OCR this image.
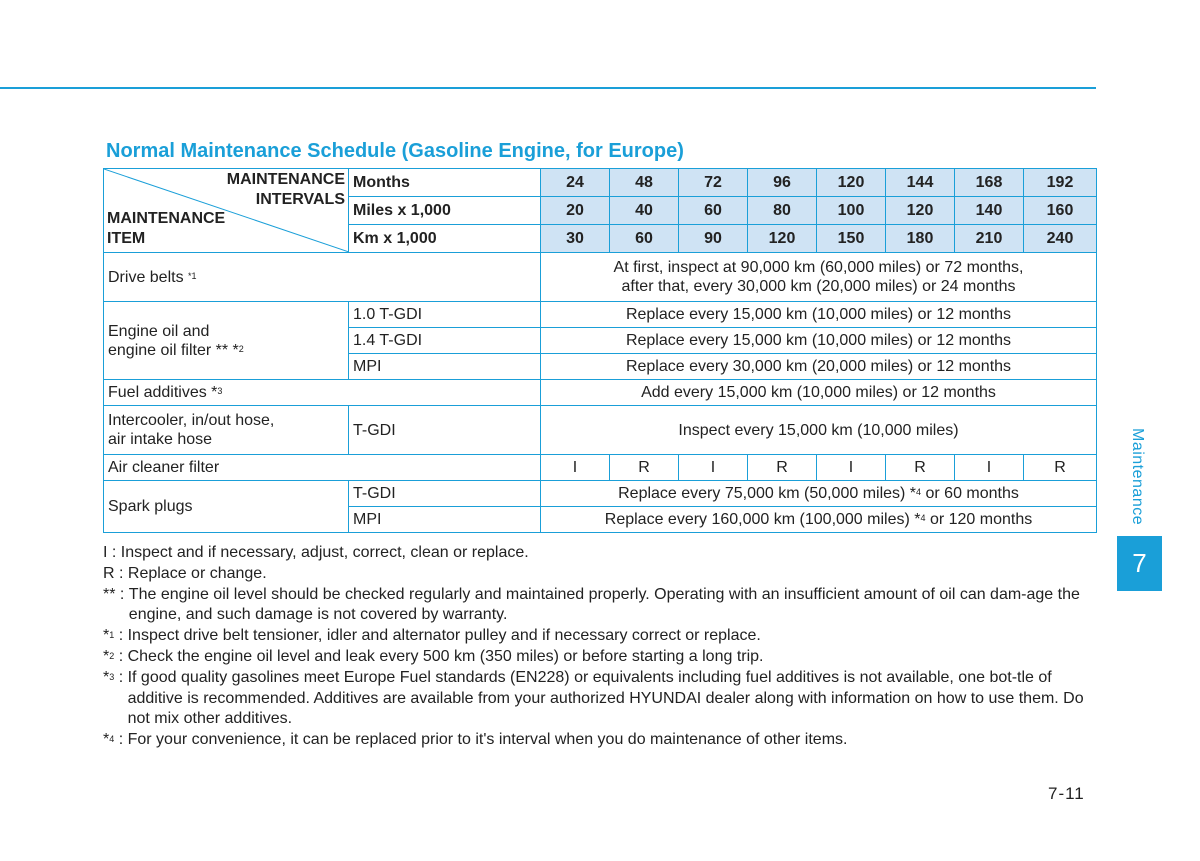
Normal Maintenance Schedule (Gasoline Engine, for Europe)
MAINTENANCE
INTERVALS
MAINTENANCE
ITEM	Months	24	48	72	96	120	144	168	192
	Miles x 1,000	20	40	60	80	100	120	140	160
	Km x 1,000	30	60	90	120	150	180	210	240
Drive belts $^{*1}$		At first, inspect at 90,000 km (60,000 miles) or 72 months,
after that, every 30,000 km (20,000 miles) or 24 months							

Engine oil and
engine oil filter ** *$^2$	1.0 T-GDI	Replace every 15,000 km (10,000 miles) or 12 months							
	1.4 T-GDI	Replace every 15,000 km (10,000 miles) or 12 months							
	MPI	Replace every 30,000 km (20,000 miles) or 12 months							
Fuel additives *$^3$		Add every 15,000 km (10,000 miles) or 12 months							

Intercooler, in/out hose,
air intake hose	T-GDI	Inspect every 15,000 km (10,000 miles)							
Air cleaner filter		I	R	I	R	I	R	I	R
Spark plugs	T-GDI	Replace every 75,000 km (50,000 miles) *$^4$ or 60 months							
	MPI	Replace every 160,000 km (100,000 miles) *$^4$ or 120 months							
I : Inspect and if necessary, adjust, correct, clean or replace.
R : Replace or change.
** : The engine oil level should be checked regularly and maintained properly. Operating with an insufficient amount of oil can dam-age the engine, and such damage is not covered by warranty.
*$^1$ : Inspect drive belt tensioner, idler and alternator pulley and if necessary correct or replace.
*$^2$ : Check the engine oil level and leak every 500 km (350 miles) or before starting a long trip.
*$^3$ : If good quality gasolines meet Europe Fuel standards (EN228) or equivalents including fuel additives is not available, one bot-tle of additive is recommended. Additives are available from your authorized HYUNDAI dealer along with information on how to use them. Do not mix other additives.
*$^4$ : For your convenience, it can be replaced prior to it's interval when you do maintenance of other items.
Maintenance
7
7-11
